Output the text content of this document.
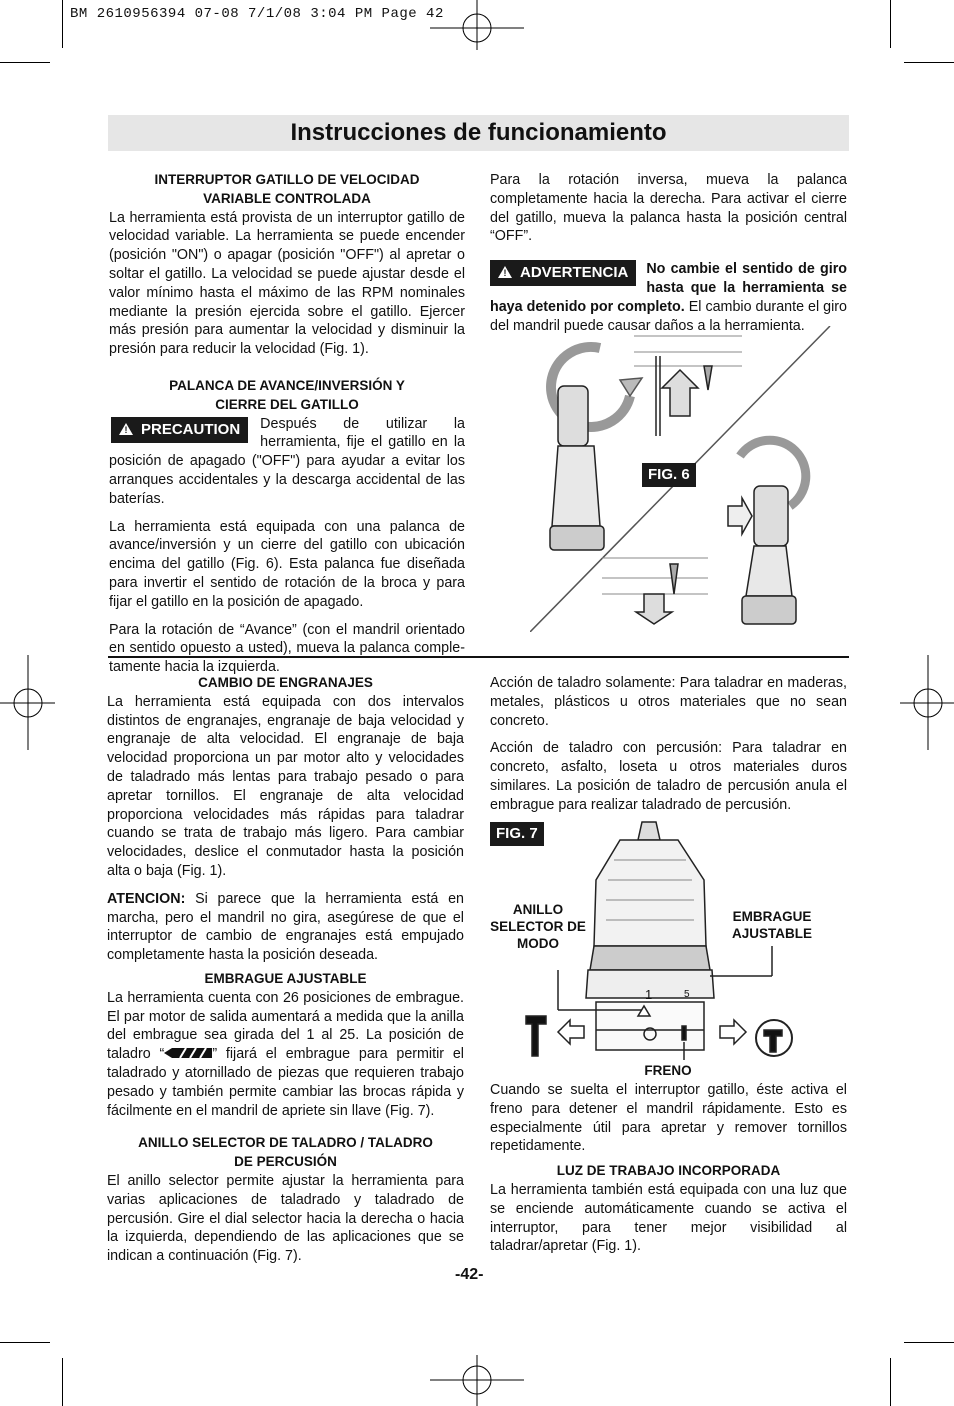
BM 2610956394 07-08 7/1/08 3:04 PM Page 42
Instrucciones de funcionamiento
INTERRUPTOR GATILLO DE VELOCIDAD
VARIABLE CONTROLADA

La herramienta está provista de un interruptor gatillo de velocidad variable. La herramienta se puede encender (posición "ON") o apagar (posición "OFF") al apretar o soltar el gatillo. La velocidad se puede ajustar desde el valor mínimo hasta el máximo de las RPM nominales mediante la presión ejercida sobre el gatillo. Ejercer más presión para aumentar la velocidad y disminuir la presión para reducir la velocidad (Fig. 1).

PALANCA DE AVANCE/INVERSIÓN Y
CIERRE DEL GATILLO

! PRECAUTION	Después de utilizar la herramienta, fije el gatillo en la posición de apagado ("OFF") para ayudar a evitar los arranques accidentales y la descarga accidental de las baterías.

La herramienta está equipada con una palanca de avance/inversión y un cierre del gatillo con ubicación encima del gatillo (Fig. 6). Esta palanca fue diseñada para invertir el sentido de rotación de la broca y para fijar el gatillo en la posición de apagado.

Para la rotación de “Avance” (con el mandril orientado en sentido opuesto a usted), mueva la palanca completamente hacia la izquierda.

Para la rotación inversa, mueva la palanca completamente hacia la derecha. Para activar el cierre del gatillo, mueva la palanca hasta la posición central “OFF”.

! ADVERTENCIA	No cambie el sentido de giro hasta que la herramienta se haya detenido por completo. El cambio durante el giro del mandril puede causar daños a la herramienta.

FIG. 6
CAMBIO DE ENGRANAJES

La herramienta está equipada con dos intervalos distintos de engranajes, engranaje de baja velocidad y engranaje de alta velocidad. El engranaje de baja velocidad proporciona un par motor alto y velocidades de taladrado más lentas para trabajo pesado o para apretar tornillos. El engranaje de alta velocidad proporciona velocidades más rápidas para taladrar cuando se trata de trabajo más ligero. Para cambiar velocidades, deslice el conmutador hasta la posición alta o baja (Fig. 1).

ATENCION: Si parece que la herramienta está en marcha, pero el mandril no gira, asegúrese de que el interruptor de cambio de engranajes está empujado completamente hasta la posición deseada.

EMBRAGUE AJUSTABLE

La herramienta cuenta con 26 posiciones de embrague. El par motor de salida aumentará a medida que la anilla del embrague sea girada del 1 al 25. La posición de taladro “	” fijará el embrague para permitir el taladrado y atornillado de piezas que requieren trabajo pesado y también permite cambiar las brocas rápida y fácilmente en el mandril de apriete sin llave (Fig. 7).

ANILLO SELECTOR DE TALADRO / TALADRO
DE PERCUSIÓN

El anillo selector permite ajustar la herramienta para varias aplicaciones de taladrado y taladrado de percusión. Gire el dial selector hacia la derecha o hacia la izquierda, dependiendo de las aplicaciones que se indican a continuación (Fig. 7).

Acción de taladro solamente: Para taladrar en maderas, metales, plásticos u otros materiales que no sean concreto.

Acción de taladro con percusión: Para taladrar en concreto, asfalto, loseta u otros materiales duros similares. La posición de taladro de percusión anula el embrague para realizar taladrado de percusión.

FIG. 7
1	5
ANILLO SELECTOR DE MODO
EMBRAGUE AJUSTABLE
FRENO

Cuando se suelta el interruptor gatillo, éste activa el freno para detener el mandril rápidamente. Esto es especialmente útil para apretar y remover tornillos repetidamente.

LUZ DE TRABAJO INCORPORADA

La herramienta también está equipada con una luz que se enciende automáticamente cuando se activa el interruptor, para tener mejor visibilidad al taladrar/apretar (Fig. 1).

-42-
